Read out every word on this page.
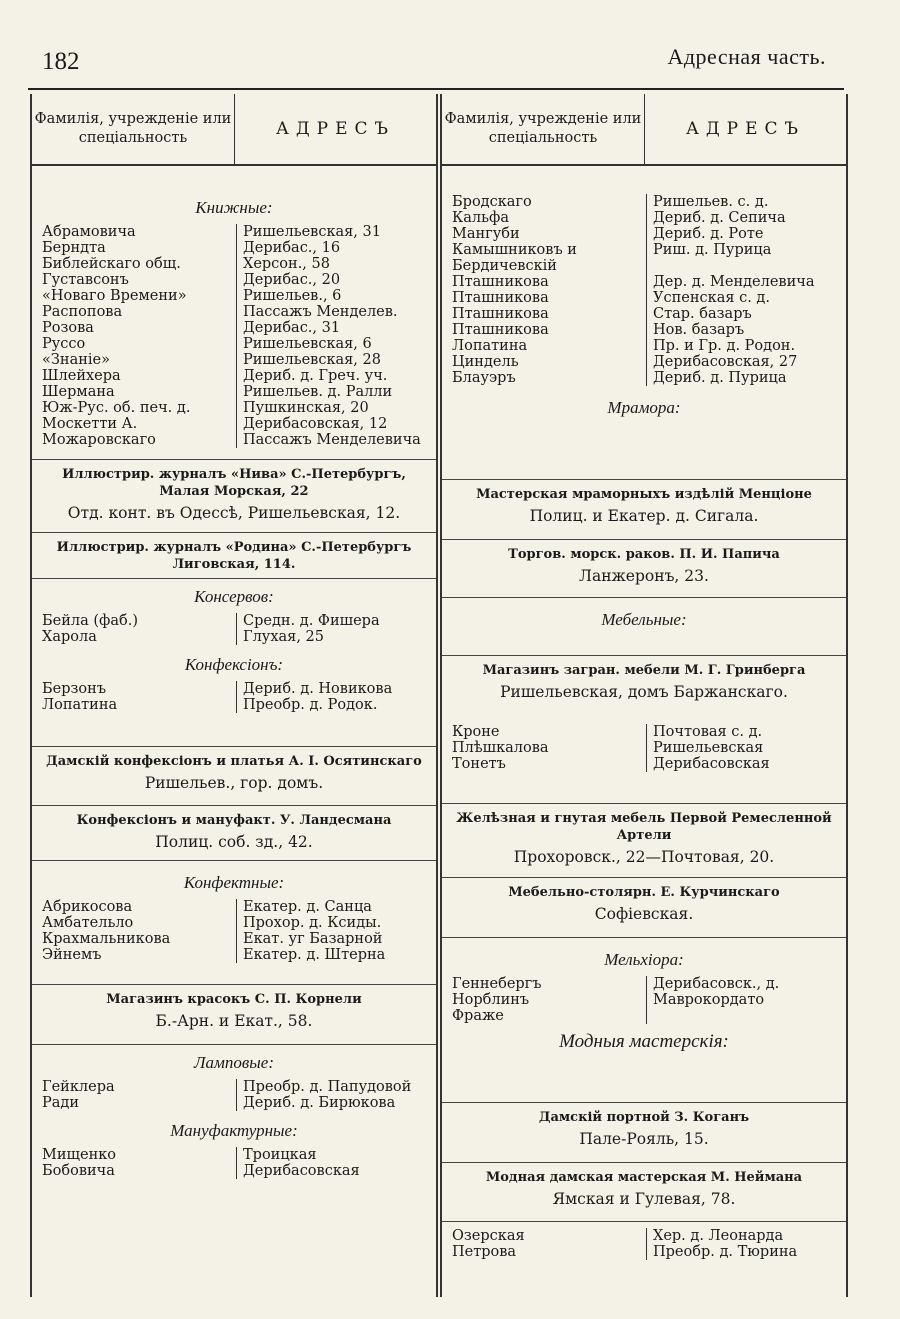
182	Адресная часть.
Фамилія, учрежденіе или спеціальность	АДРЕСЪ
Книжные:
Абрамовича	Ришельевская, 31
Берндта	Дерибас., 16
Библейскаго общ.	Херсон., 58
Густавсонъ	Дерибас., 20
«Новаго Времени»	Ришельев., 6
Распопова	Пассажъ Менделев.
Розова	Дерибас., 31
Руссо	Ришельевская, 6
«Знаніе»	Ришельевская, 28
Шлейхера	Дериб. д. Греч. уч.
Шермана	Ришельев. д. Ралли
Юж-Рус. об. печ. д.	Пушкинская, 20
Москетти А.	Дерибасовская, 12
Можаровскаго	Пассажъ Менделевича
Иллюстрир. журналъ «Нива» С.-Петербургъ, Малая Морская, 22
Отд. конт. въ Одессѣ, Ришельевская, 12.
Иллюстрир. журналъ «Родина» С.-Петербургъ Лиговская, 114.
Консервов:
Бейла (фаб.)	Средн. д. Фишера
Харола	Глухая, 25
Конфексіонъ:
Берзонъ	Дериб. д. Новикова
Лопатина	Преобр. д. Родок.
Дамскій конфексіонъ и платья А. I. Осятинскаго
Ришельев., гор. домъ.
Конфексіонъ и мануфакт. У. Ландесмана
Полиц. соб. зд., 42.
Конфектные:
Абрикосова	Екатер. д. Санца
Амбательло	Прохор. д. Ксиды.
Крахмальникова	Екат. уг Базарной
Эйнемъ	Екатер. д. Штерна
Магазинъ красокъ С. П. Корнели
Б.-Арн. и Екат., 58.
Ламповые:
Гейклера	Преобр. д. Папудовой
Ради	Дериб. д. Бирюкова
Мануфактурные:
Мищенко	Троицкая
Бобовича	Дерибасовская
Фамилія, учрежденіе или спеціальность	АДРЕСЪ
Бродскаго	Ришельев. с. д.
Кальфа	Дериб. д. Сепича
Мангуби	Дериб. д. Роте
Камышниковъ и	Риш. д. Пурица
Бердичевскій
Пташникова	Дер. д. Менделевича
Пташникова	Успенская с. д.
Пташникова	Стар. базаръ
Пташникова	Нов. базаръ
Лопатина	Пр. и Гр. д. Родон.
Циндель	Дерибасовская, 27
Блауэръ	Дериб. д. Пурица
Мрамора:
Мастерская мраморныхъ издѣлій Менціоне
Полиц. и Екатер. д. Сигала.
Торгов. морск. раков. П. И. Папича
Ланжеронъ, 23.
Мебельные:
Магазинъ загран. мебели М. Г. Гринберга
Ришельевская, домъ Баржанскаго.
Кроне	Почтовая с. д.
Плѣшкалова	Ришельевская
Тонетъ	Дерибасовская
Желѣзная и гнутая мебель Первой Ремесленной Артели
Прохоровск., 22—Почтовая, 20.
Мебельно-столярн. Е. Курчинскаго
Софіевская.
Мельхіора:
Геннебергъ	Дерибасовск., д.
Норблинъ	Маврокордато
Фраже
Модныя мастерскія:
Дамскій портной З. Коганъ
Пале-Рояль, 15.
Модная дамская мастерская М. Неймана
Ямская и Гулевая, 78.
Озерская	Хер. д. Леонарда
Петрова	Преобр. д. Тюрина
